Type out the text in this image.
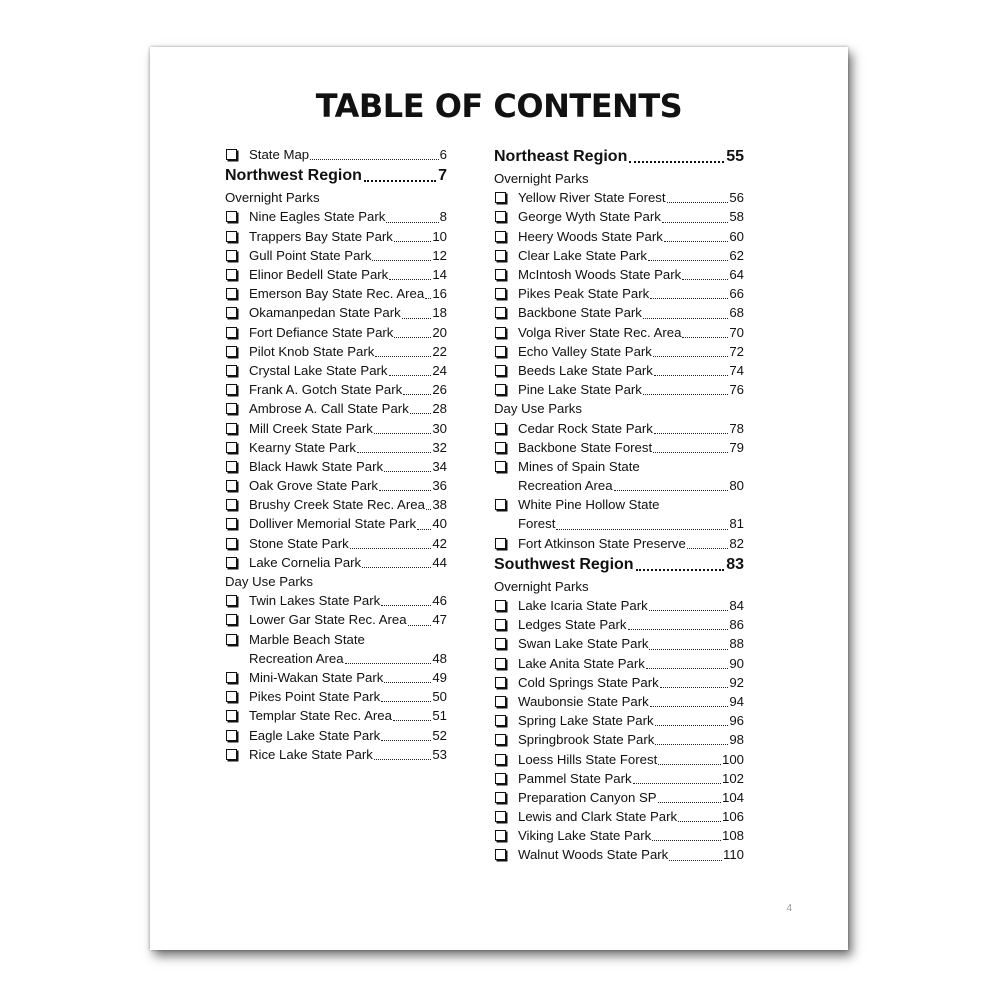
TABLE OF CONTENTS
State Map	6
Northwest Region	7
Overnight Parks
Nine Eagles State Park	8
Trappers Bay State Park	10
Gull Point State Park	12
Elinor Bedell State Park	14
Emerson Bay State Rec. Area 16
Okamanpedan State Park 18
Fort Defiance State Park	20
Pilot Knob State Park	22
Crystal Lake State Park	24
Frank A. Gotch State Park 26
Ambrose A. Call State Park 28
Mill Creek State Park	30
Kearny State Park	32
Black Hawk State Park	34
Oak Grove State Park	36
Brushy Creek State Rec. Area 38
Dolliver Memorial State Park 40
Stone State Park	42
Lake Cornelia Park	44
Day Use Parks
Twin Lakes State Park	46
Lower Gar State Rec. Area 47
Marble Beach State
Recreation Area	48
Mini-Wakan State Park	49
Pikes Point State Park	50
Templar State Rec. Area	51
Eagle Lake State Park	52
Rice Lake State Park	53
Northeast Region	55
Overnight Parks
Yellow River State Forest	56
George Wyth State Park	58
Heery Woods State Park	60
Clear Lake State Park	62
McIntosh Woods State Park	64
Pikes Peak State Park	66
Backbone State Park	68
Volga River State Rec. Area	70
Echo Valley State Park	72
Beeds Lake State Park	74
Pine Lake State Park	76
Day Use Parks
Cedar Rock State Park	78
Backbone State Forest	79
Mines of Spain State
Recreation Area	80
White Pine Hollow State
Forest	81
Fort Atkinson State Preserve	82
Southwest Region	83
Overnight Parks
Lake Icaria State Park	84
Ledges State Park	86
Swan Lake State Park	88
Lake Anita State Park	90
Cold Springs State Park	92
Waubonsie State Park	94
Spring Lake State Park	96
Springbrook State Park	98
Loess Hills State Forest	100
Pammel State Park	102
Preparation Canyon SP	104
Lewis and Clark State Park	106
Viking Lake State Park	108
Walnut Woods State Park	110
4
